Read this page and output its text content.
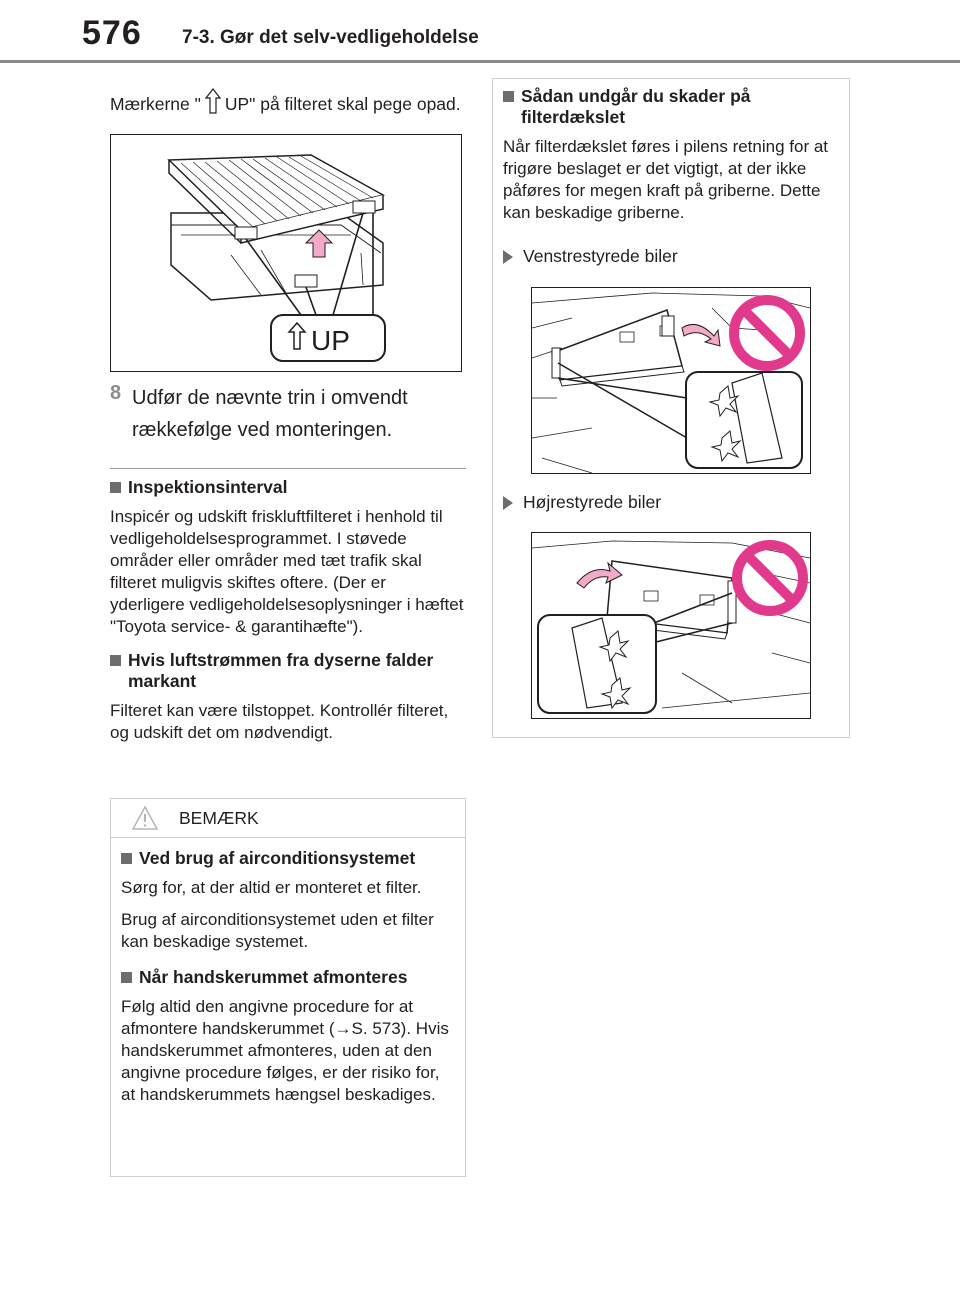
576 7-3. Gør det selv-vedligeholdelse

Mærkerne " UP" på filteret skal pege opad.

UP
8 Udfør de nævnte trin i omvendt rækkefølge ved monteringen.
Inspektionsinterval

Inspicér og udskift friskluftfilteret i henhold til vedligeholdelsesprogrammet. I støvede områder eller områder med tæt trafik skal filteret muligvis skiftes oftere. (Der er yderligere vedligeholdelsesoplysninger i hæftet "Toyota service- & garantihæfte").

Hvis luftstrømmen fra dyserne falder markant

Filteret kan være tilstoppet. Kontrollér filteret, og udskift det om nødvendigt.

BEMÆRK
Ved brug af airconditionsystemet

Sørg for, at der altid er monteret et filter.

Brug af airconditionsystemet uden et filter kan beskadige systemet.

Når handskerummet afmonteres

Følg altid den angivne procedure for at afmontere handskerummet (→S. 573). Hvis handskerummet afmonteres, uden at den angivne procedure følges, er der risiko for, at handskerummets hængsel beskadiges.

Sådan undgår du skader på filterdækslet

Når filterdækslet føres i pilens retning for at frigøre beslaget er det vigtigt, at der ikke påføres for megen kraft på griberne. Dette kan beskadige griberne.

Venstrestyrede biler
Højrestyrede biler
